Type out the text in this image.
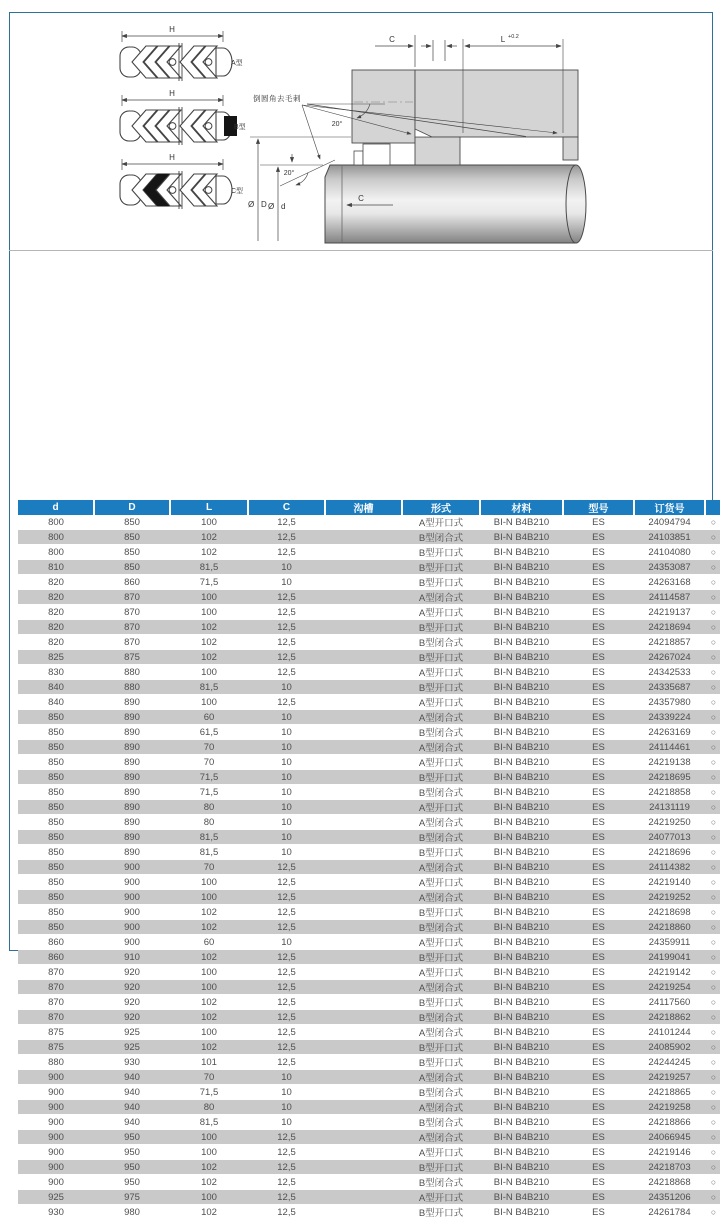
H
A型
H
B型
H
C型
倒圆角去毛刺
20°
20°
C	L +0.2
Ø D Ø d
C
d	D	L	C	沟槽	形式	材料	型号	订货号	
800	850	100	12,5		A型开口式	BI-N B4B210	ES	24094794	○
800	850	102	12,5		B型闭合式	BI-N B4B210	ES	24103851	○
800	850	102	12,5		B型开口式	BI-N B4B210	ES	24104080	○
810	850	81,5	10		B型开口式	BI-N B4B210	ES	24353087	○
820	860	71,5	10		B型开口式	BI-N B4B210	ES	24263168	○
820	870	100	12,5		A型闭合式	BI-N B4B210	ES	24114587	○
820	870	100	12,5		A型开口式	BI-N B4B210	ES	24219137	○
820	870	102	12,5		B型开口式	BI-N B4B210	ES	24218694	○
820	870	102	12,5		B型闭合式	BI-N B4B210	ES	24218857	○
825	875	102	12,5		B型开口式	BI-N B4B210	ES	24267024	○
830	880	100	12,5		A型开口式	BI-N B4B210	ES	24342533	○
840	880	81,5	10		B型开口式	BI-N B4B210	ES	24335687	○
840	890	100	12,5		A型开口式	BI-N B4B210	ES	24357980	○
850	890	60	10		A型闭合式	BI-N B4B210	ES	24339224	○
850	890	61,5	10		B型闭合式	BI-N B4B210	ES	24263169	○
850	890	70	10		A型闭合式	BI-N B4B210	ES	24114461	○
850	890	70	10		A型开口式	BI-N B4B210	ES	24219138	○
850	890	71,5	10		B型开口式	BI-N B4B210	ES	24218695	○
850	890	71,5	10		B型闭合式	BI-N B4B210	ES	24218858	○
850	890	80	10		A型开口式	BI-N B4B210	ES	24131119	○
850	890	80	10		A型闭合式	BI-N B4B210	ES	24219250	○
850	890	81,5	10		B型闭合式	BI-N B4B210	ES	24077013	○
850	890	81,5	10		B型开口式	BI-N B4B210	ES	24218696	○
850	900	70	12,5		A型闭合式	BI-N B4B210	ES	24114382	○
850	900	100	12,5		A型开口式	BI-N B4B210	ES	24219140	○
850	900	100	12,5		A型闭合式	BI-N B4B210	ES	24219252	○
850	900	102	12,5		B型开口式	BI-N B4B210	ES	24218698	○
850	900	102	12,5		B型闭合式	BI-N B4B210	ES	24218860	○
860	900	60	10		A型开口式	BI-N B4B210	ES	24359911	○
860	910	102	12,5		B型开口式	BI-N B4B210	ES	24199041	○
870	920	100	12,5		A型开口式	BI-N B4B210	ES	24219142	○
870	920	100	12,5		A型闭合式	BI-N B4B210	ES	24219254	○
870	920	102	12,5		B型开口式	BI-N B4B210	ES	24117560	○
870	920	102	12,5		B型闭合式	BI-N B4B210	ES	24218862	○
875	925	100	12,5		A型闭合式	BI-N B4B210	ES	24101244	○
875	925	102	12,5		B型开口式	BI-N B4B210	ES	24085902	○
880	930	101	12,5		B型开口式	BI-N B4B210	ES	24244245	○
900	940	70	10		A型闭合式	BI-N B4B210	ES	24219257	○
900	940	71,5	10		B型闭合式	BI-N B4B210	ES	24218865	○
900	940	80	10		A型闭合式	BI-N B4B210	ES	24219258	○
900	940	81,5	10		B型闭合式	BI-N B4B210	ES	24218866	○
900	950	100	12,5		A型闭合式	BI-N B4B210	ES	24066945	○
900	950	100	12,5		A型开口式	BI-N B4B210	ES	24219146	○
900	950	102	12,5		B型开口式	BI-N B4B210	ES	24218703	○
900	950	102	12,5		B型闭合式	BI-N B4B210	ES	24218868	○
925	975	100	12,5		A型开口式	BI-N B4B210	ES	24351206	○
930	980	102	12,5		B型开口式	BI-N B4B210	ES	24261784	○
